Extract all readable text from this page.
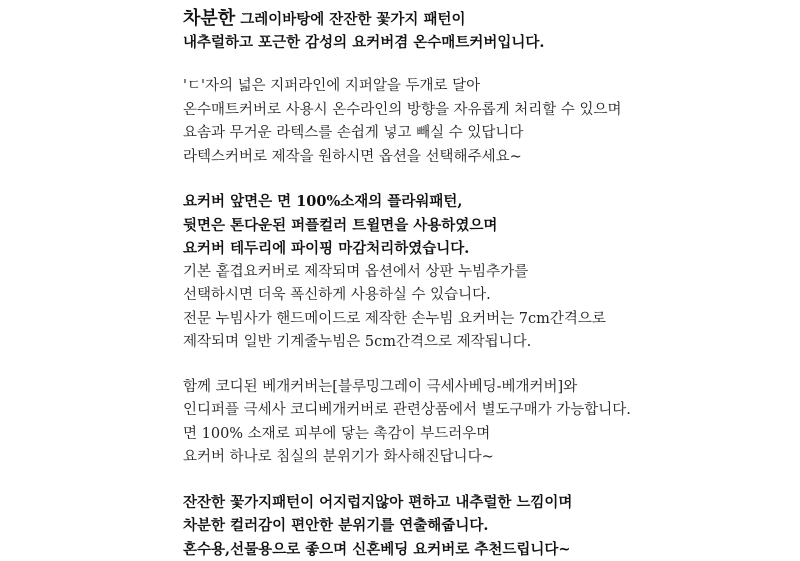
차분한 그레이바탕에 잔잔한 꽃가지 패턴이
내추럴하고 포근한 감성의 요커버겸 온수매트커버입니다.
'ㄷ'자의 넓은 지퍼라인에 지퍼알을 두개로 달아
온수매트커버로 사용시 온수라인의 방향을 자유롭게 처리할 수 있으며
요솜과 무거운 라텍스를 손쉽게 넣고 빼실 수 있답니다
라텍스커버로 제작을 원하시면 옵션을 선택해주세요~
요커버 앞면은 면 100%소재의 플라워패턴,
뒷면은 톤다운된 퍼플컬러 트윌면을 사용하였으며
요커버 테두리에 파이핑 마감처리하였습니다.
기본 홑겹요커버로 제작되며 옵션에서 상판 누빔추가를
선택하시면 더욱 폭신하게 사용하실 수 있습니다.
전문 누빔사가 핸드메이드로 제작한 손누빔 요커버는 7cm간격으로
제작되며 일반 기계줄누빔은 5cm간격으로 제작됩니다.
함께 코디된 베개커버는[블루밍그레이 극세사베딩-베개커버]와
인디퍼플 극세사 코디베개커버로 관련상품에서 별도구매가 가능합니다.
면 100% 소재로 피부에 닿는 촉감이 부드러우며
요커버 하나로 침실의 분위기가 화사해진답니다~
잔잔한 꽃가지패턴이 어지럽지않아 편하고 내추럴한 느낌이며
차분한 컬러감이 편안한 분위기를 연출해줍니다.
혼수용,선물용으로 좋으며 신혼베딩 요커버로 추천드립니다~
